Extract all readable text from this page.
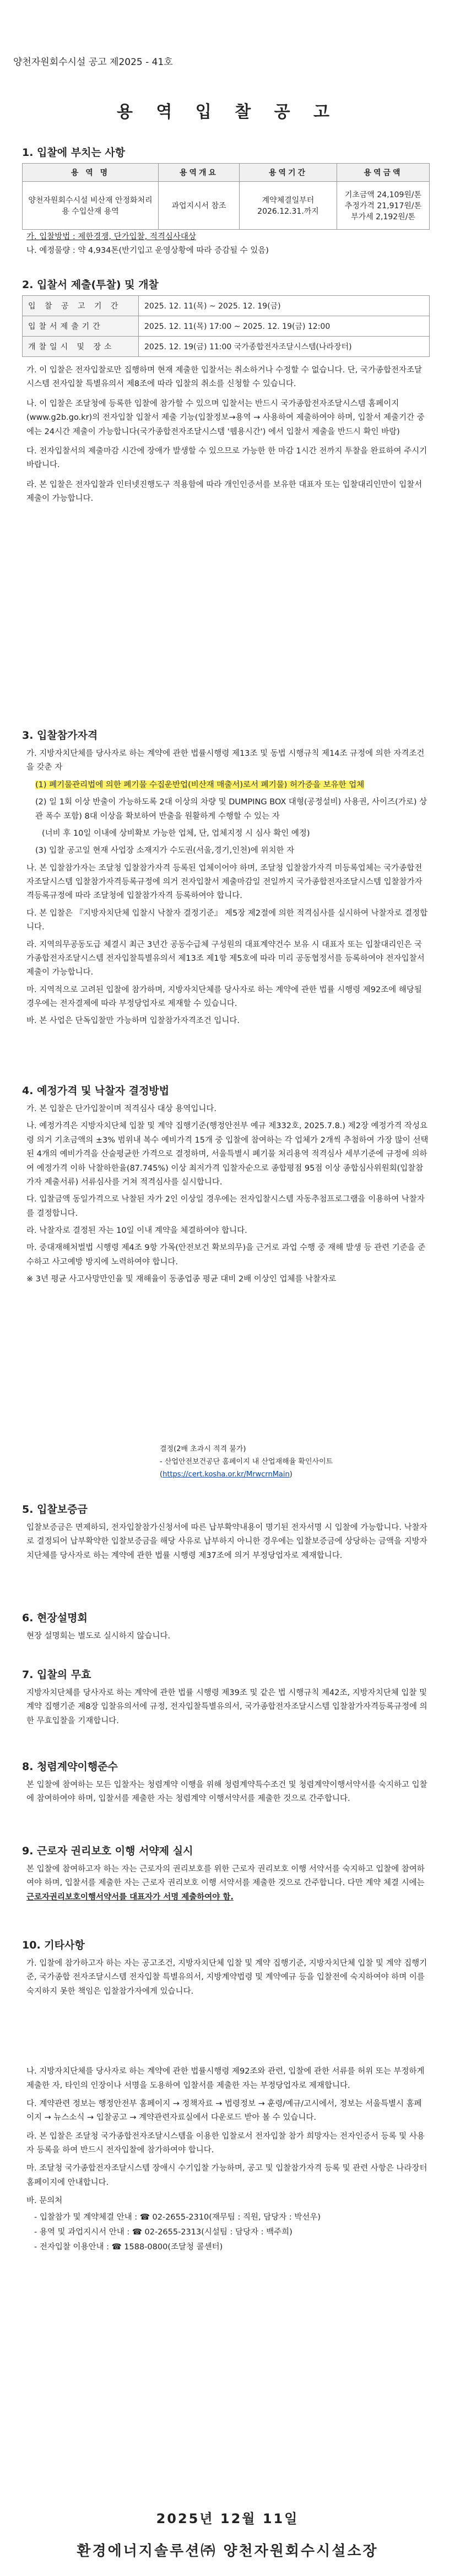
양천자원회수시설 공고 제2025 - 41호
용 역 입 찰 공 고
1. 입찰에 부치는 사항
용 역 명	용역개요	용역기간	용역금액
양천자원회수시설 비산재 안정화처리용 수입산재 용역	과업지시서 참조	계약체결일부터 2026.12.31.까지	기초금액 24,109원/톤 추정가격 21,917원/톤 부가세 2,192원/톤
가. 입찰방법 : 제한경쟁, 단가입찰, 적격심사대상
나. 예정물량 : 약 4,934톤(반기입고 운영상황에 따라 증감될 수 있음)
2. 입찰서 제출(투찰) 및 개찰
입 찰 공 고 기 간	2025. 12. 11(목) ~ 2025. 12. 19(금)
입찰서제출기간	2025. 12. 11(목) 17:00 ~ 2025. 12. 19(금) 12:00
개찰일시 및 장소	2025. 12. 19(금) 11:00 국가종합전자조달시스템(나라장터)

가. 이 입찰은 전자입찰로만 집행하며 현재 제출한 입찰서는 취소하거나 수정할 수 없습니다. 단, 국가종합전자조달시스템 전자입찰 특별유의서 제8조에 따라 입찰의 취소를 신청할 수 있습니다.

나. 이 입찰은 조달청에 등록한 입찰에 참가할 수 있으며 입찰서는 반드시 국가종합전자조달시스템 홈페이지(www.g2b.go.kr)의 전자입찰 입찰서 제출 기능(입찰정보→용역 → 사용하여 제출하여야 하며, 입찰서 제출기간 중에는 24시간 제출이 가능합니다(국가종합전자조달시스템 '웹용시간') 에서 입찰서 제출을 반드시 확인 바람)

다. 전자입찰서의 제출마감 시간에 장애가 발생할 수 있으므로 가능한 한 마감 1시간 전까지 투찰을 완료하여 주시기 바랍니다.

라. 본 입찰은 전자입찰과 인터넷진행도구 적용함에 따라 개인인증서를 보유한 대표자 또는 입찰대리인만이 입찰서 제출이 가능합니다.

3. 입찰참가자격

가. 지방자치단체를 당사자로 하는 계약에 관한 법률시행령 제13조 및 동법 시행규칙 제14조 규정에 의한 자격조건을 갖춘 자

(1) 폐기물관리법에 의한 폐기물 수집운반업(비산재 매출서)로서 폐기물) 허가증을 보유한 업체

(2) 일 1회 이상 반출이 가능하도록 2대 이상의 차량 및 DUMPING BOX 대형(공정설비) 사용권, 사이즈(가로) 상관 폭수 포함) 8대 이상을 확보하여 반출을 원활하게 수행할 수 있는 자

(너비 후 10일 이내에 상비확보 가능한 업체, 단, 업체지정 시 심사 확인 예정)

(3) 입찰 공고일 현재 사업장 소재지가 수도권(서울,경기,인천)에 위치한 자

나. 본 입찰참가자는 조달청 입찰참가자격 등록된 업체이어야 하며, 조달청 입찰참가자격 미등록업체는 국가종합전자조달시스템 입찰참가자격등록규정에 의거 전자입찰서 제출마감일 전일까지 국가종합전자조달시스템 입찰참가자격등록규정에 따라 조달청에 입찰참가자격 등록하여야 합니다.

다. 본 입찰은 『지방자치단체 입찰시 낙찰자 결정기준』 제5장 제2절에 의한 적격심사를 실시하여 낙찰자로 결정합니다.

라. 지역의무공동도급 체결시 최근 3년간 공동수급체 구성원의 대표계약건수 보유 시 대표자 또는 입찰대리인은 국가종합전자조달시스템 전자입찰특별유의서 제13조 제1항 제5호에 따라 미리 공동협정서를 등록하여야 전자입찰서 제출이 가능합니다.

마. 지역적으로 고려된 입찰에 참가하며, 지방자치단체를 당사자로 하는 계약에 관한 법률 시행령 제92조에 해당될 경우에는 전자결제에 따라 부정당업자로 제재할 수 있습니다.

바. 본 사업은 단독입찰만 가능하며 입찰참가자격조건 입니다.

4. 예정가격 및 낙찰자 결정방법

가. 본 입찰은 단가입찰이며 적격심사 대상 용역입니다.

나. 예정가격은 지방자치단체 입찰 및 계약 집행기준(행정안전부 예규 제332호, 2025.7.8.) 제2장 예정가격 작성요령 의거 기초금액의 ±3% 범위내 복수 예비가격 15개 중 입찰에 참여하는 각 업체가 2개씩 추첨하여 가장 많이 선택된 4개의 예비가격을 산술평균한 가격으로 결정하며, 서울특별시 폐기물 처리용역 적격심사 세부기준에 규정에 의하여 예정가격 이하 낙찰하한율(87.745%) 이상 최저가격 입찰자순으로 종합평점 95점 이상 종합심사위원회(입찰참가자 제출서류) 서류심사를 거쳐 적격심사를 실시합니다.

다. 입찰금액 동일가격으로 낙찰된 자가 2인 이상일 경우에는 전자입찰시스템 자동추첨프로그램을 이용하여 낙찰자를 결정합니다.

라. 낙찰자로 결정된 자는 10일 이내 계약을 체결하여야 합니다.

마. 중대재해처벌법 시행령 제4조 9항 가목(안전보건 확보의무)을 근거로 과업 수행 중 재해 발생 등 관련 기준을 준수하고 사고예방 방지에 노력하여야 합니다.

※ 3년 평균 사고사망만인율 및 재해율이 동종업종 평균 대비 2배 이상인 업체를 낙찰자로

결정(2배 초과시 적격 불가)
- 산업안전보건공단 홈페이지 내 산업재해율 확인사이트(https://cert.kosha.or.kr/MrwcrnMain)
5. 입찰보증금
입찰보증금은 면제하되, 전자입찰참가신청서에 따른 납부확약내용이 명기된 전자서명 시 입찰에 가능합니다. 낙찰자로 결정되어 납부확약한 입찰보증금을 해당 사유로 납부하지 아니한 경우에는 입찰보증금에 상당하는 금액을 지방자치단체를 당사자로 하는 계약에 관한 법률 시행령 제37조에 의거 부정당업자로 제재합니다.
6. 현장설명회
현장 설명회는 별도로 실시하지 않습니다.
7. 입찰의 무효
지방자치단체를 당사자로 하는 계약에 관한 법률 시행령 제39조 및 같은 법 시행규칙 제42조, 지방자치단체 입찰 및 계약 집행기준 제8장 입찰유의서에 규정, 전자입찰특별유의서, 국가종합전자조달시스템 입찰참가자격등록규정에 의한 무효입찰을 기재합니다.
8. 청렴계약이행준수
본 입찰에 참여하는 모든 입찰자는 청렴계약 이행을 위해 청렴계약특수조건 및 청렴계약이행서약서를 숙지하고 입찰에 참여하여야 하며, 입찰서를 제출한 자는 청렴계약 이행서약서를 제출한 것으로 간주합니다.
9. 근로자 권리보호 이행 서약제 실시
본 입찰에 참여하고자 하는 자는 근로자의 권리보호를 위한 근로자 권리보호 이행 서약서를 숙지하고 입찰에 참여하여야 하며, 입찰서를 제출한 자는 근로자 권리보호 이행 서약서를 제출한 것으로 간주합니다. 다만 계약 체결 시에는 근로자권리보호이행서약서를 대표자가 서명 제출하여야 함.
10. 기타사항

가. 입찰에 참가하고자 하는 자는 공고조건, 지방자치단체 입찰 및 계약 집행기준, 지방자치단체 입찰 및 계약 집행기준, 국가종합 전자조달시스템 전자입찰 특별유의서, 지방계약법령 및 계약예규 등을 입찰전에 숙지하여야 하며 이를 숙지하지 못한 책임은 입찰참가자에게 있습니다.

나. 지방자치단체를 당사자로 하는 계약에 관한 법률시행령 제92조와 관련, 입찰에 관한 서류를 허위 또는 부정하게 제출한 자, 타인의 인장이나 서명을 도용하여 입찰서를 제출한 자는 부정당업자로 제재합니다.

다. 계약관련 정보는 행정안전부 홈페이지 → 정책자료 → 법령정보 → 훈령/예규/고시에서, 정보는 서울특별시 홈페이지 → 뉴스소식 → 입찰공고 → 계약관련자료실에서 다운로드 받아 볼 수 있습니다.

라. 본 입찰은 조달청 국가종합전자조달시스템을 이용한 입찰로서 전자입찰 참가 희망자는 전자인증서 등록 및 사용자 등록을 하여 반드시 전자입찰에 참가하여야 합니다.

마. 조달청 국가종합전자조달시스템 장애시 수기입찰 가능하며, 공고 및 입찰참가자격 등록 및 관련 사항은 나라장터 홈페이지에 안내합니다.

바. 문의처

- 입찰참가 및 계약체결 안내 : ☎ 02-2655-2310(재무팀 : 직원, 담당자 : 박선우)

- 용역 및 과업지시서 안내 : ☎ 02-2655-2313(시설팀 : 담당자 : 백주희)

- 전자입찰 이용안내 : ☎ 1588-0800(조달청 콜센터)

2025년 12월 11일
환경에너지솔루션㈜ 양천자원회수시설소장
